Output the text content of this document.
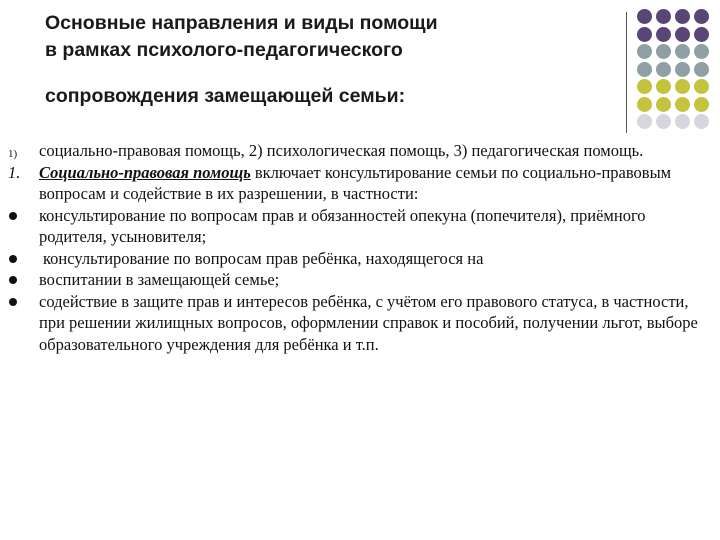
Основные направления и виды помощи
в рамках психолого-педагогического
сопровождения замещающей семьи:
1) социально-правовая помощь, 2) психологическая помощь, 3) педагогическая помощь.
1. Социально-правовая помощь включает консультирование семьи по социально-правовым вопросам и содействие в их разрешении, в частности:
консультирование по вопросам прав и обязанностей опекуна (попечителя), приёмного родителя, усыновителя;
консультирование по вопросам прав ребёнка, находящегося на
воспитании в замещающей семье;
содействие в защите прав и интересов ребёнка, с учётом его правового статуса, в частности, при решении жилищных вопросов, оформлении справок и пособий, получении льгот, выборе образовательного учреждения для ребёнка и т.п.
